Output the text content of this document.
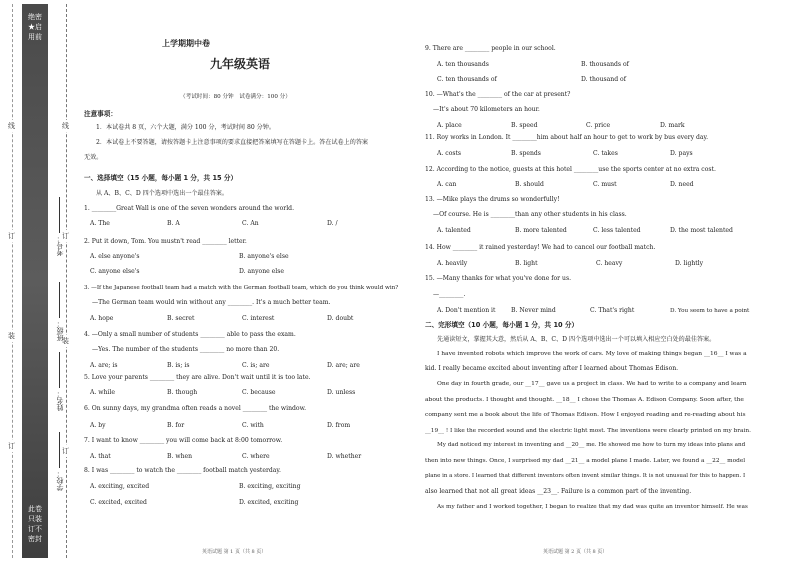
绝密★启用前
此卷只装订不密封
线
订
装
订
线
订
装
订
学校：
姓名：
班级：
考号：
上学期期中卷
九年级英语
（考试时间：80 分钟　试卷满分：100 分）
注意事项：
1．本试卷共 8 页，六个大题，满分 100 分，考试时间 80 分钟。
2．本试卷上不要答题，请按答题卡上注意事项的要求直接把答案填写在答题卡上。答在试卷上的答案
无效。
一、选择填空（15 小题，每小题 1 分，共 15 分）
从 A、B、C、D 四个选项中选出一个最佳答案。
1. ________Great Wall is one of the seven wonders around the world.
A. The	B. A	C. An	D. /
2. Put it down, Tom. You mustn't read ________ letter.
A. else anyone's	B. anyone's else
C. anyone else's	D. anyone else
3. —If the Japanese football team had a match with the German football team, which do you think would win?
—The German team would win without any ________. It's a much better team.
A. hope	B. secret	C. interest	D. doubt
4. —Only a small number of students ________ able to pass the exam.
—Yes. The number of the students ________ no more than 20.
A. are; is	B. is; is	C. is; are	D. are; are
5. Love your parents ________ they are alive. Don't wait until it is too late.
A. while	B. though	C. because	D. unless
6. On sunny days, my grandma often reads a novel ________ the window.
A. by	B. for	C. with	D. from
7. I want to know ________ you will come back at 8:00 tomorrow.
A. that	B. when	C. where	D. whether
8. I was ________ to watch the ________ football match yesterday.
A. exciting, excited	B. exciting, exciting
C. excited, excited	D. excited, exciting
英语试题 第 1 页（共 8 页）
9. There are ________ people in our school.
A. ten thousands	B. thousands of
C. ten thousands of	D. thousand of
10. —What's the ________ of the car at present?
—It's about 70 kilometers an hour.
A. place	B. speed	C. price	D. mark
11. Roy works in London. It ________him about half an hour to get to work by bus every day.
A. costs	B. spends	C. takes	D. pays
12. According to the notice, guests at this hotel ________use the sports center at no extra cost.
A. can	B. should	C. must	D. need
13. —Mike plays the drums so wonderfully!
—Of course. He is ________than any other students in his class.
A. talented	B. more talented	C. less talented	D. the most talented
14. How ________ it rained yesterday! We had to cancel our football match.
A. heavily	B. light	C. heavy	D. lightly
15. —Many thanks for what you've done for us.
—________.
A. Don't mention it	B. Never mind	C. That's right	D. You seem to have a point
二、完形填空（10 小题，每小题 1 分，共 10 分）
先通读短文，掌握其大意，然后从 A、B、C、D 四个选项中选出一个可以填入相应空白处的最佳答案。
I have invented robots which improve the work of cars. My love of making things began __16__ I was a
kid. I really became excited about inventing after I learned about Thomas Edison.
One day in fourth grade, our __17__ gave us a project in class. We had to write to a company and learn
about the products. I thought and thought. __18__ I chose the Thomas A. Edison Company. Soon after, the
company sent me a book about the life of Thomas Edison. How I enjoyed reading and re-reading about his
__19__ ! I like the recorded sound and the electric light most. The inventions were clearly printed on my brain.
My dad noticed my interest in inventing and __20__ me. He showed me how to turn my ideas into plans and
then into new things. Once, I surprised my dad __21__ a model plane I made. Later, we found a __22__ model
plane in a store. I learned that different inventors often invent similar things. It is not unusual for this to happen. I
also learned that not all great ideas __23__. Failure is a common part of the inventing.
As my father and I worked together, I began to realize that my dad was quite an inventor himself. He was
英语试题 第 2 页（共 8 页）
